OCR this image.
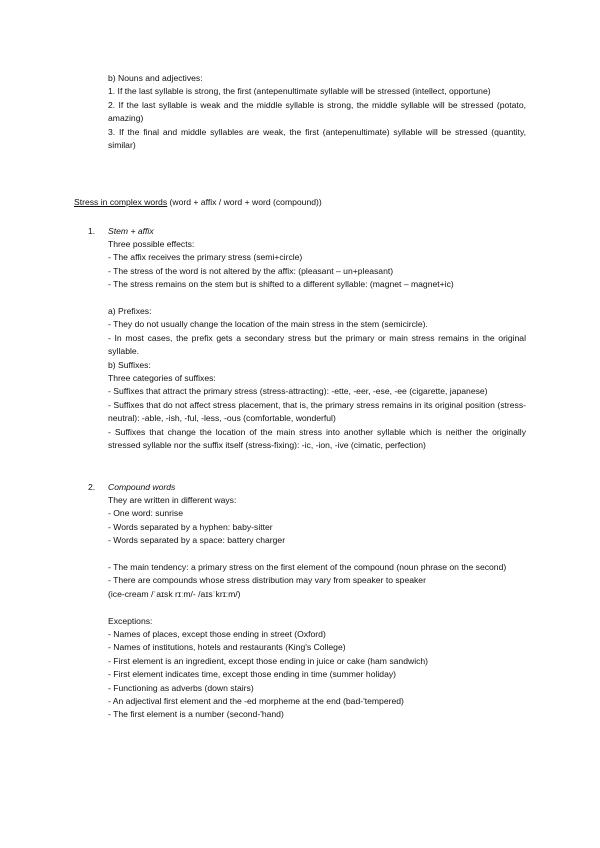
b) Nouns and adjectives:
1. If the last syllable is strong, the first (antepenultimate syllable will be stressed (intellect, opportune)
2. If the last syllable is weak and the middle syllable is strong, the middle syllable will be stressed (potato, amazing)
3. If the final and middle syllables are weak, the first (antepenultimate) syllable will be stressed (quantity, similar)
Stress in complex words (word + affix / word + word (compound))
1. Stem + affix
Three possible effects:
- The affix receives the primary stress (semi+circle)
- The stress of the word is not altered by the affix: (pleasant – un+pleasant)
- The stress remains on the stem but is shifted to a different syllable: (magnet – magnet+ic)
a) Prefixes:
- They do not usually change the location of the main stress in the stem (semicircle).
- In most cases, the prefix gets a secondary stress but the primary or main stress remains in the original syllable.
b) Suffixes:
Three categories of suffixes:
- Suffixes that attract the primary stress (stress-attracting): -ette, -eer, -ese, -ee (cigarette, japanese)
- Suffixes that do not affect stress placement, that is, the primary stress remains in its original position (stress-neutral): -able, -ish, -ful, -less, -ous (comfortable, wonderful)
- Suffixes that change the location of the main stress into another syllable which is neither the originally stressed syllable nor the suffix itself (stress-fixing): -ic, -ion, -ive (cimatic, perfection)
2. Compound words
They are written in different ways:
- One word: sunrise
- Words separated by a hyphen: baby-sitter
- Words separated by a space: battery charger
- The main tendency: a primary stress on the first element of the compound (noun phrase on the second)
- There are compounds whose stress distribution may vary from speaker to speaker
(ice-cream /ˈaɪsk rɪːm/- /aɪsˈkrɪːm/)
Exceptions:
- Names of places, except those ending in street (Oxford)
- Names of institutions, hotels and restaurants (King's College)
- First element is an ingredient, except those ending in juice or cake (ham sandwich)
- First element indicates time, except those ending in time (summer holiday)
- Functioning as adverbs (down stairs)
- An adjectival first element and the -ed morpheme at the end (bad-'tempered)
- The first element is a number (second-'hand)
